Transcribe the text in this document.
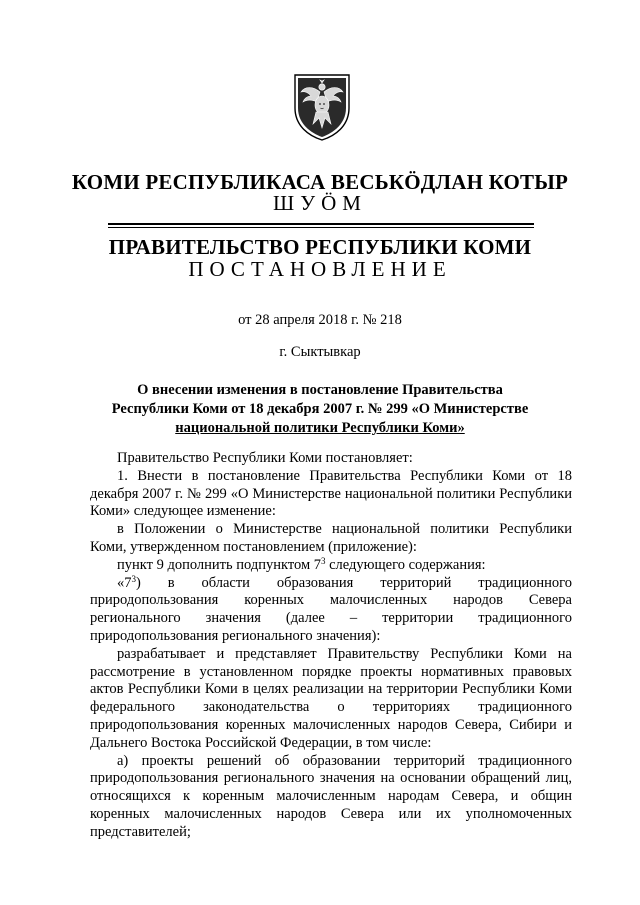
КОМИ РЕСПУБЛИКАСА ВЕСЬКӦДЛАН КОТЫР
ШУӦМ
ПРАВИТЕЛЬСТВО РЕСПУБЛИКИ КОМИ
ПОСТАНОВЛЕНИЕ
от 28 апреля 2018 г. № 218
г. Сыктывкар
О внесении изменения в постановление Правительства
Республики Коми от 18 декабря 2007 г. № 299 «О Министерстве
национальной политики Республики Коми»

Правительство Республики Коми постановляет:

1. Внести в постановление Правительства Республики Коми от 18 декабря 2007 г. № 299 «О Министерстве национальной политики Республики Коми» следующее изменение:

в Положении о Министерстве национальной политики Республики Коми, утвержденном постановлением (приложение):

пункт 9 дополнить подпунктом $7^3$ следующего содержания:

«$7^3$) в области образования территорий традиционного природопользования коренных малочисленных народов Севера регионального значения (далее – территории традиционного природопользования регионального значения):

разрабатывает и представляет Правительству Республики Коми на рассмотрение в установленном порядке проекты нормативных правовых актов Республики Коми в целях реализации на территории Республики Коми федерального законодательства о территориях традиционного природопользования коренных малочисленных народов Севера, Сибири и Дальнего Востока Российской Федерации, в том числе:

а) проекты решений об образовании территорий традиционного природопользования регионального значения на основании обращений лиц, относящихся к коренным малочисленным народам Севера, и общин коренных малочисленных народов Севера или их уполномоченных представителей;
